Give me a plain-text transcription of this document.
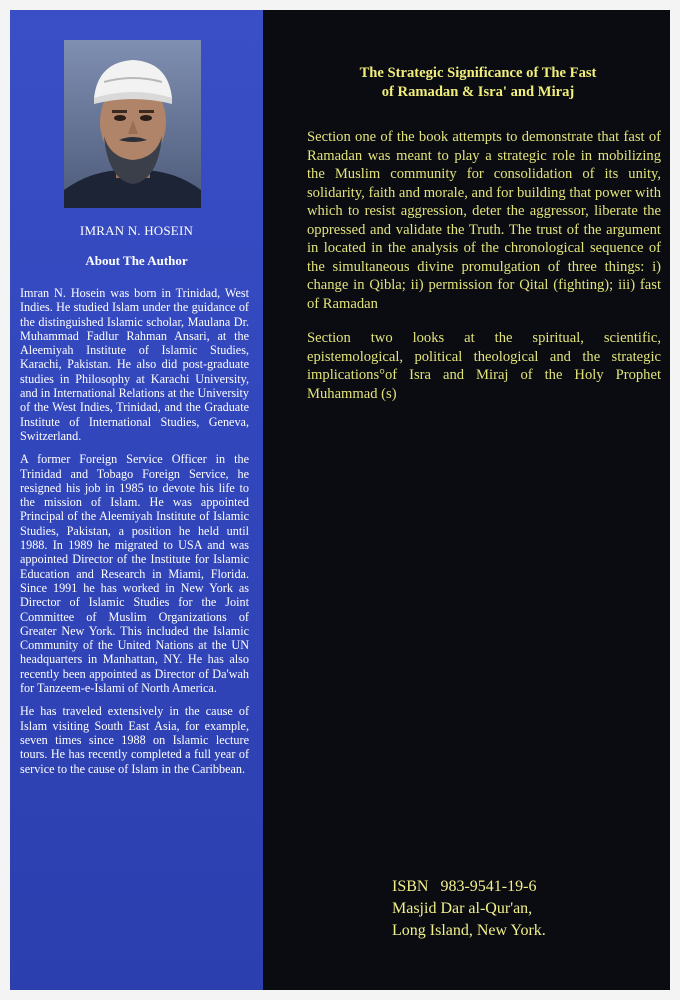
IMRAN N. HOSEIN
About The Author

Imran N. Hosein was born in Trinidad, West Indies. He studied Islam under the guidance of the distinguished Islamic scholar, Maulana Dr. Muhammad Fadlur Rahman Ansari, at the Aleemiyah Institute of Islamic Studies, Karachi, Pakistan. He also did post-graduate studies in Philosophy at Karachi University, and in International Relations at the University of the West Indies, Trinidad, and the Graduate Institute of International Studies, Geneva, Switzerland.

A former Foreign Service Officer in the Trinidad and Tobago Foreign Service, he resigned his job in 1985 to devote his life to the mission of Islam. He was appointed Principal of the Aleemiyah Institute of Islamic Studies, Pakistan, a position he held until 1988. In 1989 he migrated to USA and was appointed Director of the Institute for Islamic Education and Research in Miami, Florida. Since 1991 he has worked in New York as Director of Islamic Studies for the Joint Committee of Muslim Organizations of Greater New York. This included the Islamic Community of the United Nations at the UN headquarters in Manhattan, NY. He has also recently been appointed as Director of Da'wah for Tanzeem-e-Islami of North America.

He has traveled extensively in the cause of Islam visiting South East Asia, for example, seven times since 1988 on Islamic lecture tours. He has recently completed a full year of service to the cause of Islam in the Caribbean.

The Strategic Significance of The Fast
of Ramadan & Isra' and Miraj

Section one of the book attempts to demonstrate that fast of Ramadan was meant to play a strategic role in mobilizing the Muslim community for consolidation of its unity, solidarity, faith and morale, and for building that power with which to resist aggression, deter the aggressor, liberate the oppressed and validate the Truth. The trust of the argument in located in the analysis of the chronological sequence of the simultaneous divine promulgation of three things: i) change in Qibla; ii) permission for Qital (fighting); iii) fast of Ramadan

Section two looks at the spiritual, scientific, epistemological, political theological and the strategic implications°of Isra and Miraj of the Holy Prophet Muhammad (s)

ISBN   983-9541-19-6
Masjid Dar al-Qur'an,
Long Island, New York.
